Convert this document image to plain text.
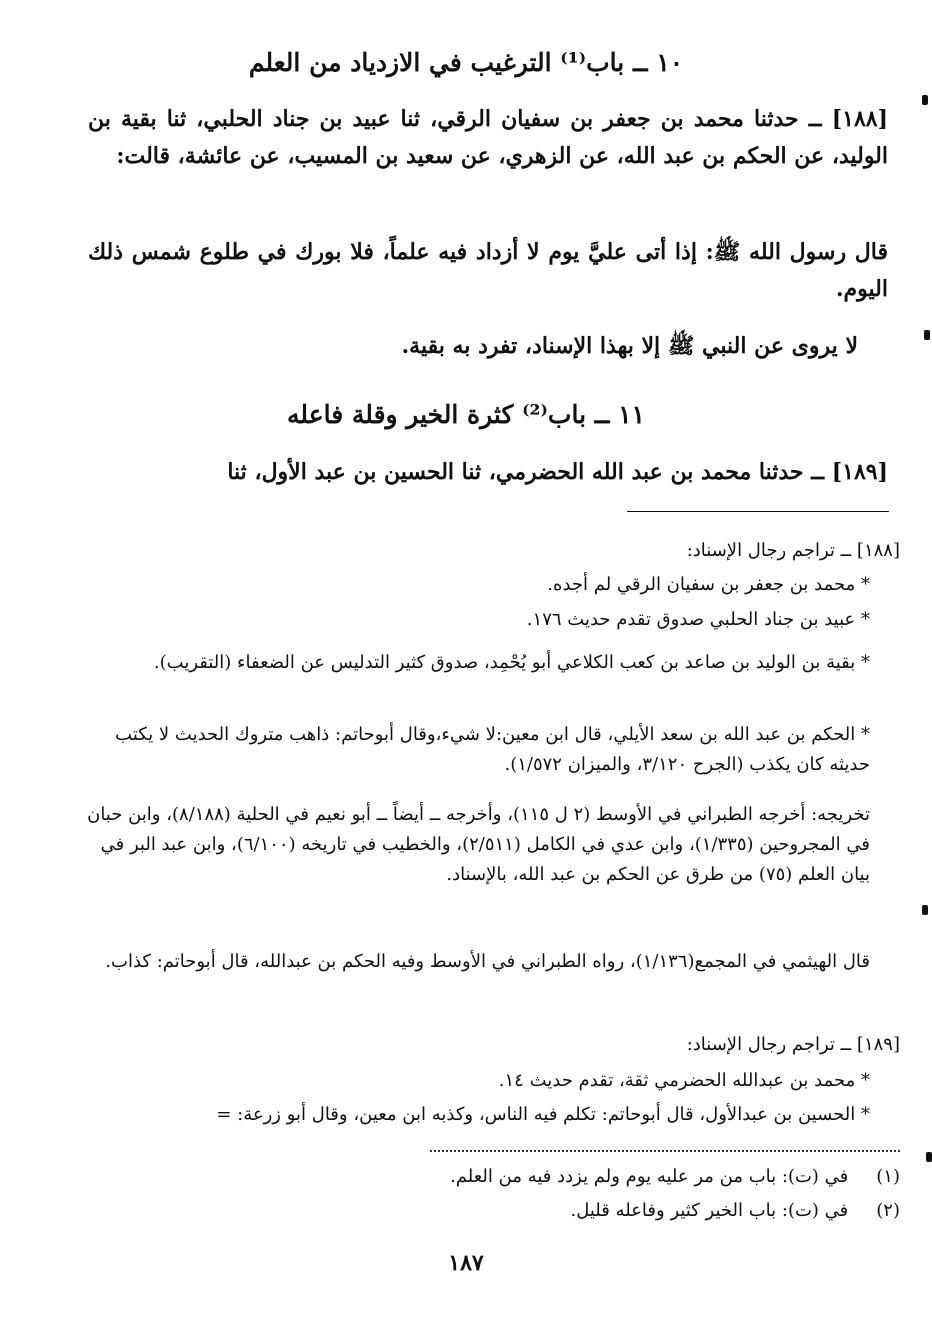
١٠ ــ باب⁽¹⁾ الترغيب في الازدياد من العلم
[١٨٨] ــ حدثنا محمد بن جعفر بن سفيان الرقي، ثنا عبيد بن جناد الحلبي، ثنا بقية بن الوليد، عن الحكم بن عبد الله، عن الزهري، عن سعيد بن المسيب، عن عائشة، قالت:
قال رسول الله ﷺ: إذا أتى عليَّ يوم لا أزداد فيه علماً، فلا بورك في طلوع شمس ذلك اليوم.
لا يروى عن النبي ﷺ إلا بهذا الإسناد، تفرد به بقية.
١١ ــ باب⁽²⁾ كثرة الخير وقلة فاعله
[١٨٩] ــ حدثنا محمد بن عبد الله الحضرمي، ثنا الحسين بن عبد الأول، ثنا
[١٨٨] ــ تراجم رجال الإسناد:
* محمد بن جعفر بن سفيان الرقي لم أجده.
* عبيد بن جناد الحلبي صدوق تقدم حديث ١٧٦.
* بقية بن الوليد بن صاعد بن كعب الكلاعي أبو يُحْمِد، صدوق كثير التدليس عن الضعفاء (التقريب).
* الحكم بن عبد الله بن سعد الأيلي، قال ابن معين:لا شيء،وقال أبوحاتم: ذاهب متروك الحديث لا يكتب حديثه كان يكذب (الجرح ٣/١٢٠، والميزان ١/٥٧٢).
تخريجه: أخرجه الطبراني في الأوسط (٢ ل ١١٥)، وأخرجه ــ أيضاً ــ أبو نعيم في الحلية (٨/١٨٨)، وابن حبان في المجروحين (١/٣٣٥)، وابن عدي في الكامل (٢/٥١١)، والخطيب في تاريخه (٦/١٠٠)، وابن عبد البر في بيان العلم (٧٥) من طرق عن الحكم بن عبد الله، بالإسناد.
قال الهيثمي في المجمع(١/١٣٦)، رواه الطبراني في الأوسط وفيه الحكم بن عبدالله، قال أبوحاتم: كذاب.
[١٨٩] ــ تراجم رجال الإسناد:
* محمد بن عبدالله الحضرمي ثقة، تقدم حديث ١٤.
* الحسين بن عبدالأول، قال أبوحاتم: تكلم فيه الناس، وكذبه ابن معين، وقال أبو زرعة: =
(١) في (ت): باب من مر عليه يوم ولم يزدد فيه من العلم.
(٢) في (ت): باب الخير كثير وفاعله قليل.
١٨٧
